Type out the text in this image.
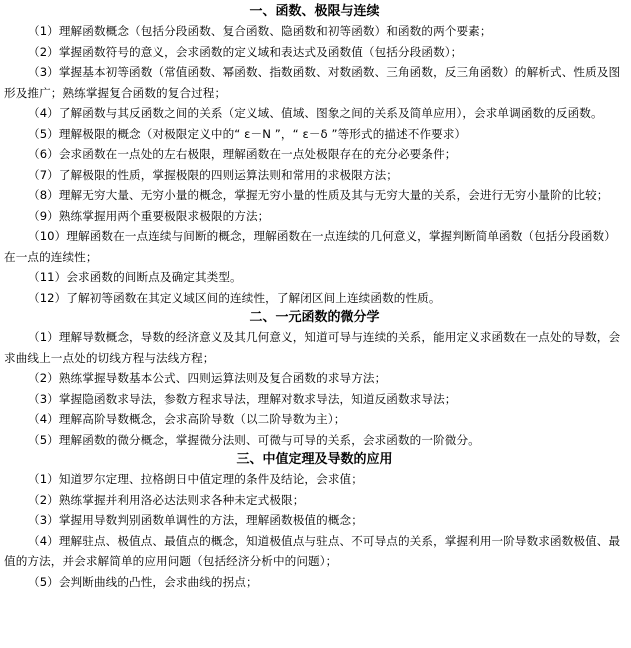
一、函数、极限与连续

（1）理解函数概念（包括分段函数、复合函数、隐函数和初等函数）和函数的两个要素；

（2）掌握函数符号的意义，会求函数的定义域和表达式及函数值（包括分段函数）；

（3）掌握基本初等函数（常值函数、幂函数、指数函数、对数函数、三角函数，反三角函数）的解析式、性质及图形及推广；熟练掌握复合函数的复合过程；

（4）了解函数与其反函数之间的关系（定义域、值域、图象之间的关系及简单应用），会求单调函数的反函数。

（5）理解极限的概念（对极限定义中的“ ε－N ”，“ ε－δ ”等形式的描述不作要求）

（6）会求函数在一点处的左右极限，理解函数在一点处极限存在的充分必要条件；

（7）了解极限的性质，掌握极限的四则运算法则和常用的求极限方法；

（8）理解无穷大量、无穷小量的概念，掌握无穷小量的性质及其与无穷大量的关系，会进行无穷小量阶的比较；

（9）熟练掌握用两个重要极限求极限的方法；

（10）理解函数在一点连续与间断的概念，理解函数在一点连续的几何意义，掌握判断简单函数（包括分段函数）在一点的连续性；

（11）会求函数的间断点及确定其类型。

（12）了解初等函数在其定义域区间的连续性，了解闭区间上连续函数的性质。

二、一元函数的微分学

（1）理解导数概念，导数的经济意义及其几何意义，知道可导与连续的关系，能用定义求函数在一点处的导数，会求曲线上一点处的切线方程与法线方程；

（2）熟练掌握导数基本公式、四则运算法则及复合函数的求导方法；

（3）掌握隐函数求导法，参数方程求导法，理解对数求导法，知道反函数求导法；

（4）理解高阶导数概念，会求高阶导数（以二阶导数为主）；

（5）理解函数的微分概念，掌握微分法则、可微与可导的关系，会求函数的一阶微分。

三、中值定理及导数的应用

（1）知道罗尔定理、拉格朗日中值定理的条件及结论，会求值；

（2）熟练掌握并利用洛必达法则求各种未定式极限；

（3）掌握用导数判别函数单调性的方法，理解函数极值的概念；

（4）理解驻点、极值点、最值点的概念，知道极值点与驻点、不可导点的关系，掌握利用一阶导数求函数极值、最值的方法，并会求解简单的应用问题（包括经济分析中的问题）；

（5）会判断曲线的凸性，会求曲线的拐点；
